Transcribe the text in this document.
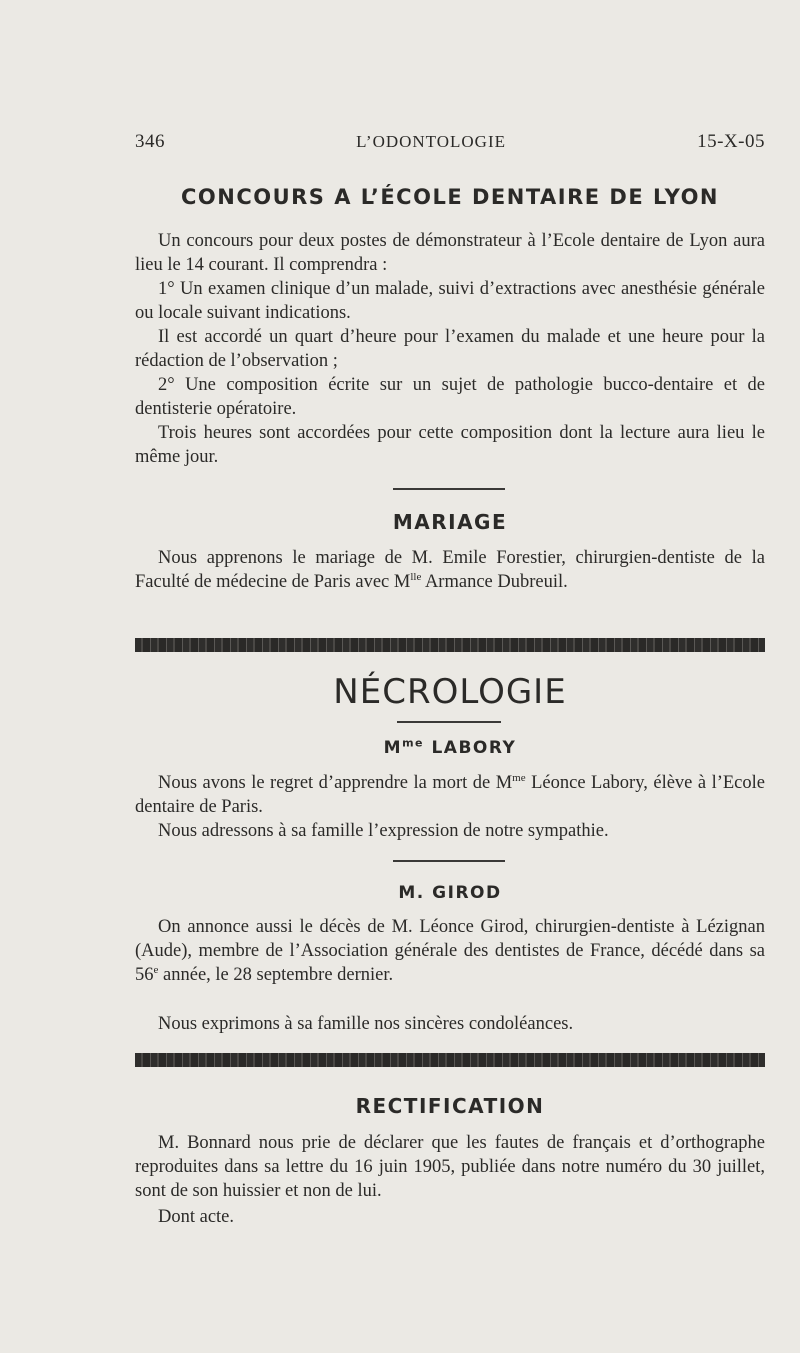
346	L’ODONTOLOGIE	15-X-05
CONCOURS A L’ÉCOLE DENTAIRE DE LYON

Un concours pour deux postes de démonstrateur à l’Ecole dentaire de Lyon aura lieu le 14 courant. Il comprendra :

1° Un examen clinique d’un malade, suivi d’extractions avec anesthésie générale ou locale suivant indications.

Il est accordé un quart d’heure pour l’examen du malade et une heure pour la rédaction de l’observation ;

2° Une composition écrite sur un sujet de pathologie bucco-dentaire et de dentisterie opératoire.

Trois heures sont accordées pour cette composition dont la lecture aura lieu le même jour.

MARIAGE

Nous apprenons le mariage de M. Emile Forestier, chirurgien-dentiste de la Faculté de médecine de Paris avec $M^{lle}$ Armance Dubreuil.

NÉCROLOGIE
$M^{me}$ LABORY

Nous avons le regret d’apprendre la mort de $M^{me}$ Léonce Labory, élève à l’Ecole dentaire de Paris.

Nous adressons à sa famille l’expression de notre sympathie.

M. GIROD

On annonce aussi le décès de M. Léonce Girod, chirurgien-dentiste à Lézignan (Aude), membre de l’Association générale des dentistes de France, décédé dans sa 56e année, le 28 septembre dernier.

Nous exprimons à sa famille nos sincères condoléances.

RECTIFICATION

M. Bonnard nous prie de déclarer que les fautes de français et d’orthographe reproduites dans sa lettre du 16 juin 1905, publiée dans notre numéro du 30 juillet, sont de son huissier et non de lui.

Dont acte.
